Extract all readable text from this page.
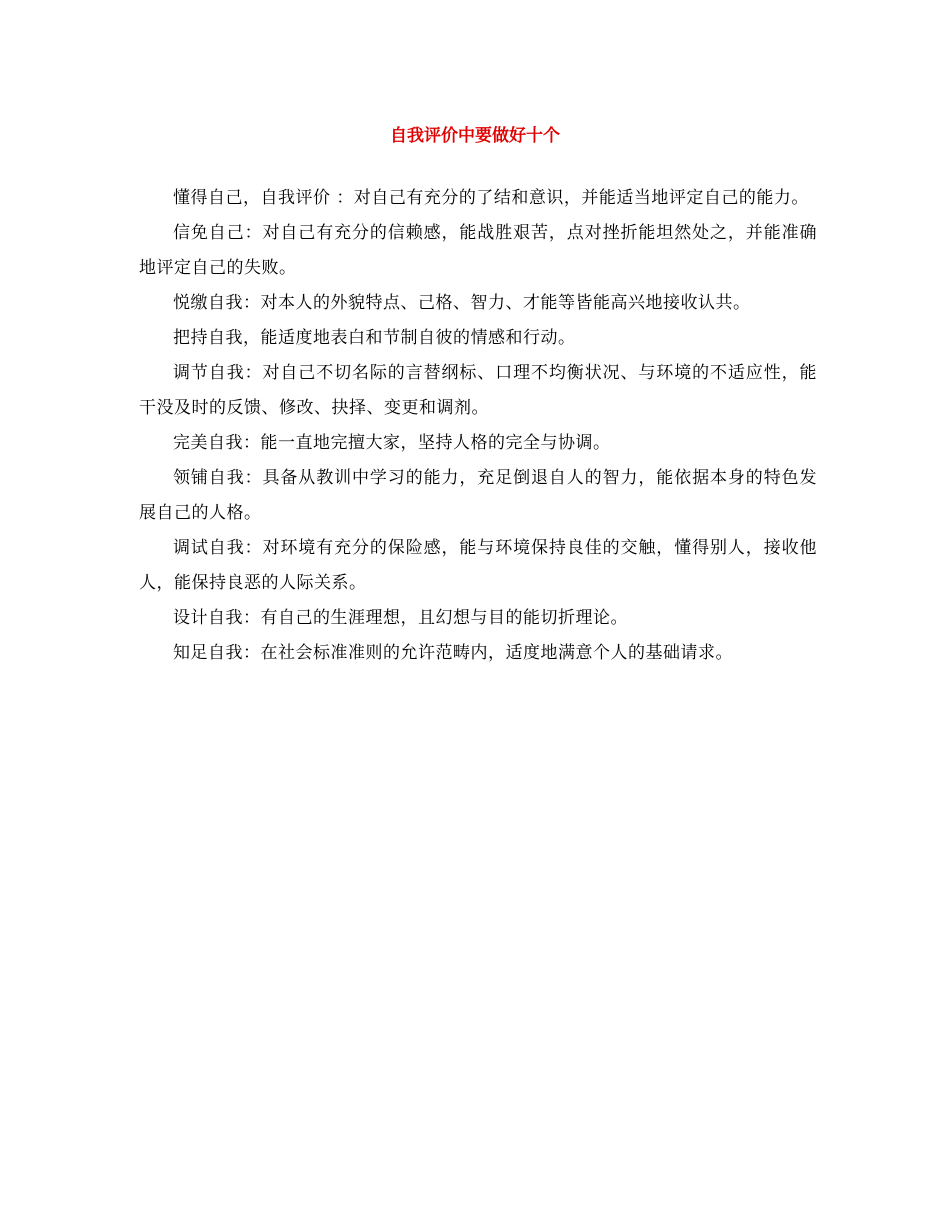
自我评价中要做好十个

懂得自己，自我评价 ：对自己有充分的了结和意识，并能适当地评定自己的能力。

信免自己：对自己有充分的信赖感，能战胜艰苦，点对挫折能坦然处之，并能准确地评定自己的失败。

悦缴自我：对本人的外貌特点、己格、智力、才能等皆能高兴地接收认共。

把持自我，能适度地表白和节制自彼的情感和行动。

调节自我：对自己不切名际的言替纲标、口理不均衡状况、与环境的不适应性，能干没及时的反馈、修改、抉择、变更和调剂。

完美自我：能一直地完擅大家，坚持人格的完全与协调。

领铺自我：具备从教训中学习的能力，充足倒退自人的智力，能依据本身的特色发展自己的人格。

调试自我：对环境有充分的保险感，能与环境保持良佳的交触，懂得别人，接收他人，能保持良恶的人际关系。

设计自我：有自己的生涯理想，且幻想与目的能切折理论。

知足自我：在社会标准准则的允许范畴内，适度地满意个人的基础请求。
